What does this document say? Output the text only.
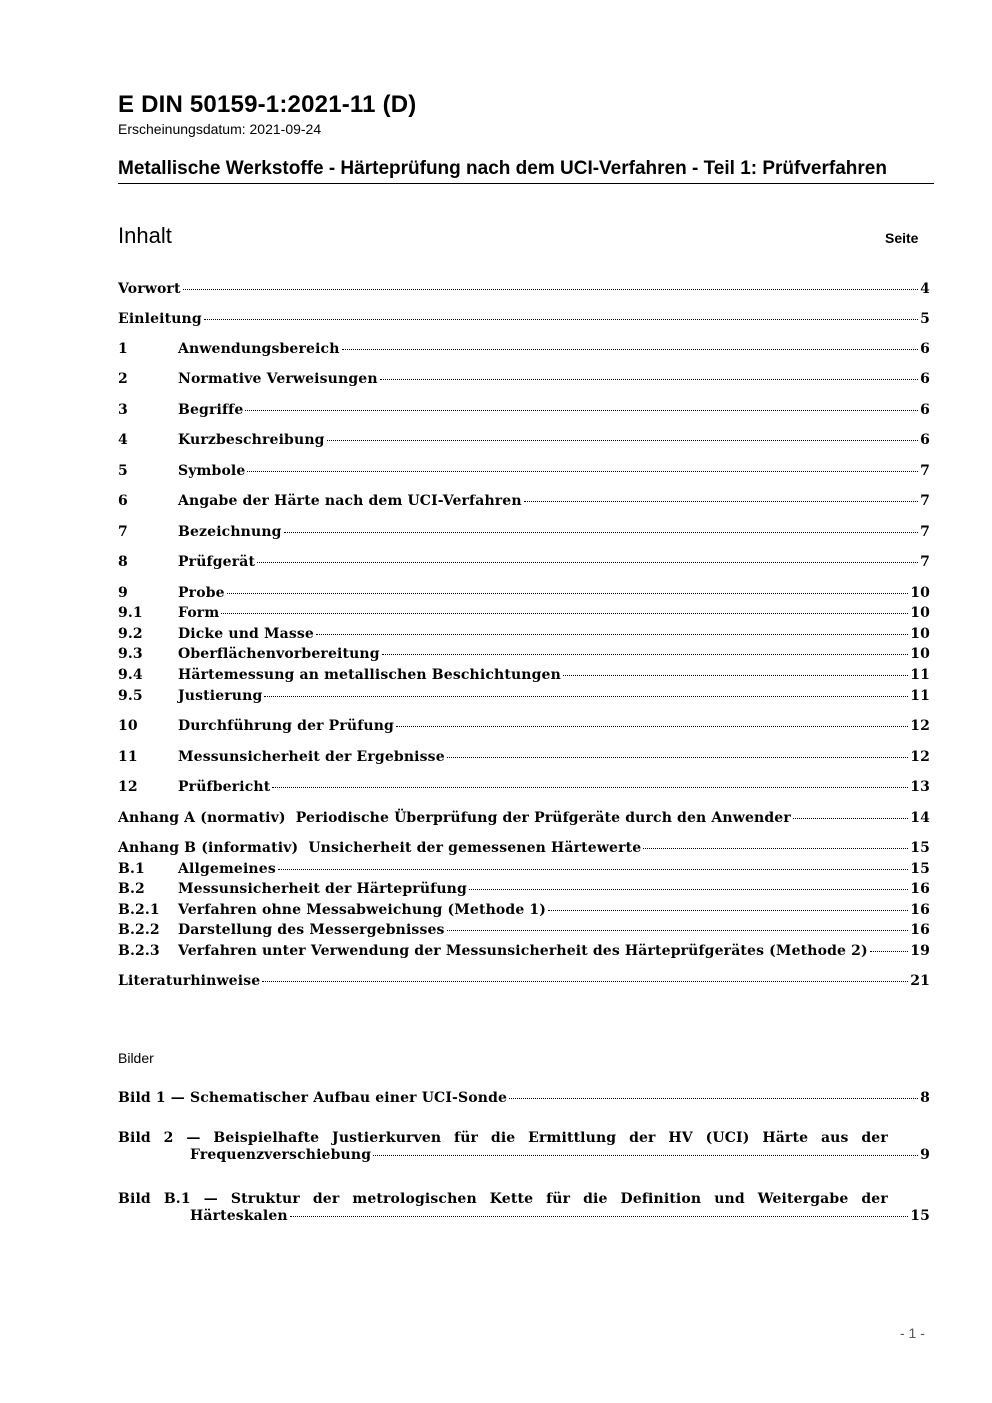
E DIN 50159-1:2021-11 (D)
Erscheinungsdatum: 2021-09-24
Metallische Werkstoffe - Härteprüfung nach dem UCI-Verfahren - Teil 1: Prüfverfahren
Inhalt	Seite
Vorwort	4
Einleitung	5
1	Anwendungsbereich	6
2	Normative Verweisungen	6
3	Begriffe	6
4	Kurzbeschreibung	6
5	Symbole	7
6	Angabe der Härte nach dem UCI-Verfahren	7
7	Bezeichnung	7
8	Prüfgerät	7
9	Probe	10
9.1	Form	10
9.2	Dicke und Masse	10
9.3	Oberflächenvorbereitung	10
9.4	Härtemessung an metallischen Beschichtungen	11
9.5	Justierung	11
10	Durchführung der Prüfung	12
11	Messunsicherheit der Ergebnisse	12
12	Prüfbericht	13
Anhang A (normativ)  Periodische Überprüfung der Prüfgeräte durch den Anwender	14
Anhang B (informativ)  Unsicherheit der gemessenen Härtewerte	15
B.1	Allgemeines	15
B.2	Messunsicherheit der Härteprüfung	16
B.2.1	Verfahren ohne Messabweichung (Methode 1)	16
B.2.2	Darstellung des Messergebnisses	16
B.2.3	Verfahren unter Verwendung der Messunsicherheit des Härteprüfgerätes (Methode 2)	19
Literaturhinweise	21
Bilder
Bild 1 — Schematischer Aufbau einer UCI-Sonde	8
Bild 2 — Beispielhafte Justierkurven für die Ermittlung der HV (UCI) Härte aus der
Frequenzverschiebung	9
Bild B.1 — Struktur der metrologischen Kette für die Definition und Weitergabe der
Härteskalen	15
- 1 -
